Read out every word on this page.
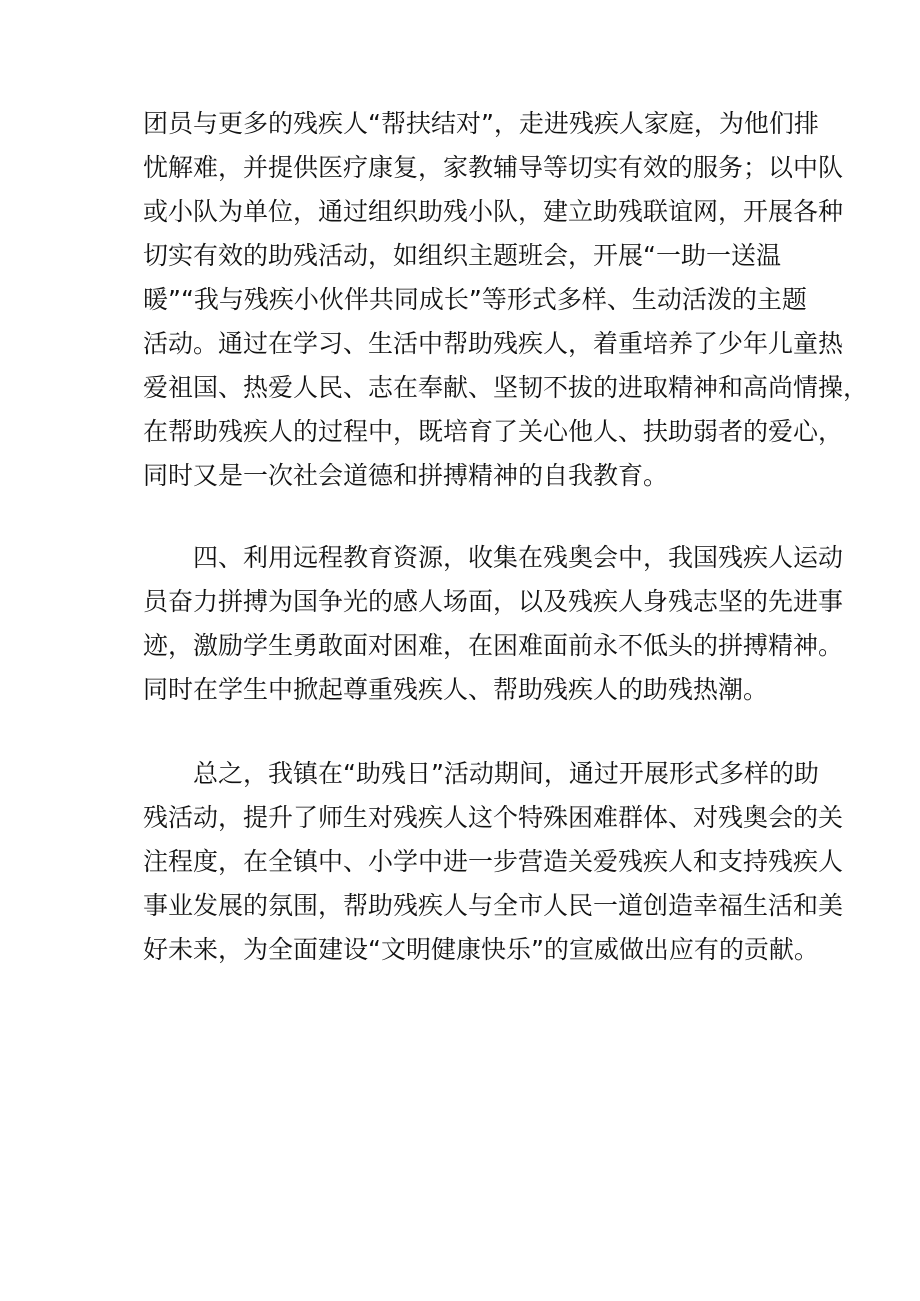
团员与更多的残疾人“帮扶结对”，走进残疾人家庭，为他们排
忧解难，并提供医疗康复，家教辅导等切实有效的服务；以中队
或小队为单位，通过组织助残小队，建立助残联谊网，开展各种
切实有效的助残活动，如组织主题班会，开展“一助一送温
暖”“我与残疾小伙伴共同成长”等形式多样、生动活泼的主题
活动。通过在学习、生活中帮助残疾人，着重培养了少年儿童热
爱祖国、热爱人民、志在奉献、坚韧不拔的进取精神和高尚情操，
在帮助残疾人的过程中，既培育了关心他人、扶助弱者的爱心，
同时又是一次社会道德和拼搏精神的自我教育。
四、利用远程教育资源，收集在残奥会中，我国残疾人运动
员奋力拼搏为国争光的感人场面，以及残疾人身残志坚的先进事
迹，激励学生勇敢面对困难，在困难面前永不低头的拼搏精神。
同时在学生中掀起尊重残疾人、帮助残疾人的助残热潮。
总之，我镇在“助残日”活动期间，通过开展形式多样的助
残活动，提升了师生对残疾人这个特殊困难群体、对残奥会的关
注程度，在全镇中、小学中进一步营造关爱残疾人和支持残疾人
事业发展的氛围，帮助残疾人与全市人民一道创造幸福生活和美
好未来，为全面建设“文明健康快乐”的宣威做出应有的贡献。
